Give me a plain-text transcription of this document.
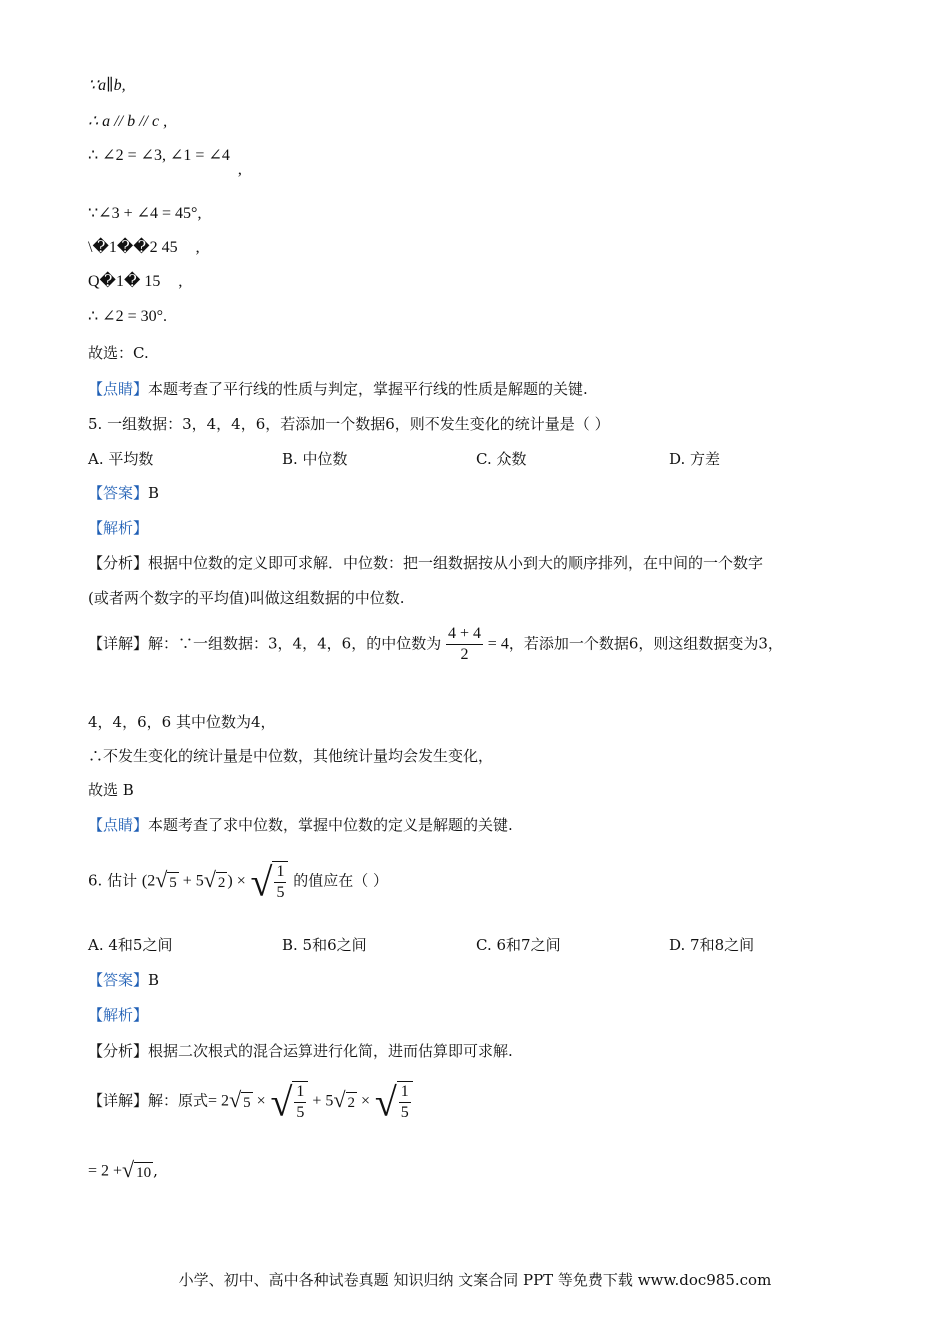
∵a∥b,
∴ a // b // c ,
∴ ∠2 = ∠3, ∠1 = ∠4 ,
∵∠3 + ∠4 = 45°,
\�1��2 45 ,
Q�1� 15 ,
∴ ∠2 = 30°.
故选：C.
【点睛】本题考查了平行线的性质与判定，掌握平行线的性质是解题的关键.
5. 一组数据：3，4，4，6，若添加一个数据6，则不发生变化的统计量是（ ）
A. 平均数	B. 中位数	C. 众数	D. 方差
【答案】B
【解析】
【分析】根据中位数的定义即可求解．中位数：把一组数据按从小到大的顺序排列，在中间的一个数字
(或者两个数字的平均值)叫做这组数据的中位数.
【详解】解：∵一组数据：3，4，4，6，的中位数为 $\frac{4 + 4}{2} = 4$，若添加一个数据6，则这组数据变为3，
4，4，6，6 其中位数为4，
∴不发生变化的统计量是中位数，其他统计量均会发生变化，
故选 B
【点睛】本题考查了求中位数，掌握中位数的定义是解题的关键.
6. 估计 (2√ 5 + 5√ 2 ) × √ $\frac{1}{5}$ 的值应在（ ）
A. 4和5之间	B. 5和6之间	C. 6和7之间	D. 7和8之间
【答案】B
【解析】
【分析】根据二次根式的混合运算进行化简，进而估算即可求解.
【详解】解：原式= 2√ 5 × √ $\frac{1}{5} + 5√$ 2 × √ $\frac{1}{5}$
= 2 +√ 10 ,
小学、初中、高中各种试卷真题 知识归纳 文案合同 PPT 等免费下载 www.doc985.com
